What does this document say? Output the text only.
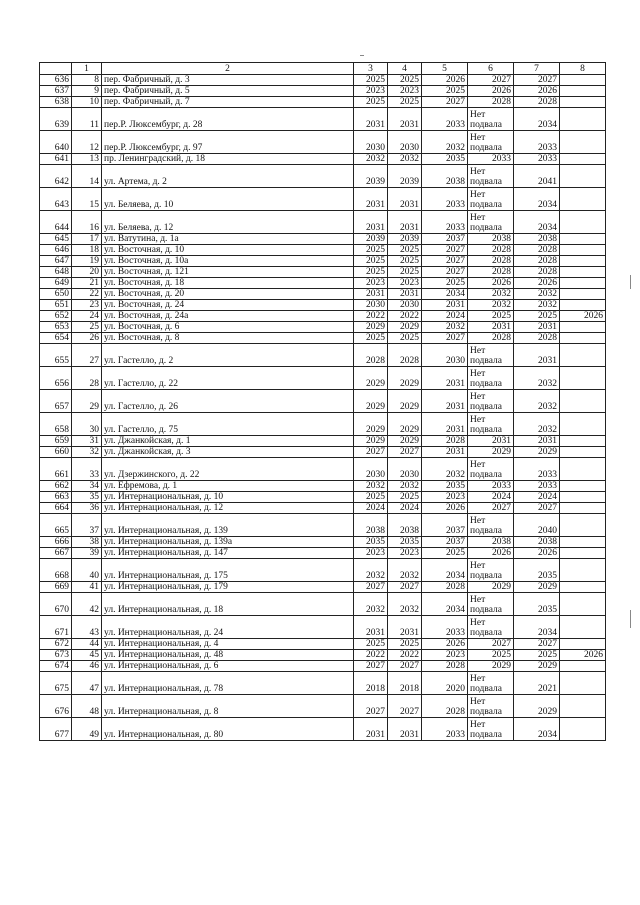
	1	2	3	4	5	6	7	8
636	8	пер. Фабричный, д. 3	2025	2025	2026	2027	2027	
637	9	пер. Фабричный, д. 5	2023	2023	2025	2026	2026	
638	10	пер. Фабричный, д. 7	2025	2025	2027	2028	2028	
639	11	пер.Р. Люксембург, д. 28	2031	2031	2033	Нет подвала	2034	
640	12	пер.Р. Люксембург, д. 97	2030	2030	2032	Нет подвала	2033	
641	13	пр. Ленинградский, д. 18	2032	2032	2035	2033	2033	
642	14	ул. Артема, д. 2	2039	2039	2038	Нет подвала	2041	
643	15	ул. Беляева, д. 10	2031	2031	2033	Нет подвала	2034	
644	16	ул. Беляева, д. 12	2031	2031	2033	Нет подвала	2034	
645	17	ул. Ватутина, д. 1а	2039	2039	2037	2038	2038	
646	18	ул. Восточная, д. 10	2025	2025	2027	2028	2028	
647	19	ул. Восточная, д. 10а	2025	2025	2027	2028	2028	
648	20	ул. Восточная, д. 121	2025	2025	2027	2028	2028	
649	21	ул. Восточная, д. 18	2023	2023	2025	2026	2026	
650	22	ул. Восточная, д. 20	2031	2031	2034	2032	2032	
651	23	ул. Восточная, д. 24	2030	2030	2031	2032	2032	
652	24	ул. Восточная, д. 24а	2022	2022	2024	2025	2025	2026
653	25	ул. Восточная, д. 6	2029	2029	2032	2031	2031	
654	26	ул. Восточная, д. 8	2025	2025	2027	2028	2028	
655	27	ул. Гастелло, д. 2	2028	2028	2030	Нет подвала	2031	
656	28	ул. Гастелло, д. 22	2029	2029	2031	Нет подвала	2032	
657	29	ул. Гастелло, д. 26	2029	2029	2031	Нет подвала	2032	
658	30	ул. Гастелло, д. 75	2029	2029	2031	Нет подвала	2032	
659	31	ул. Джанкойская, д. 1	2029	2029	2028	2031	2031	
660	32	ул. Джанкойская, д. 3	2027	2027	2031	2029	2029	
661	33	ул. Дзержинского, д. 22	2030	2030	2032	Нет подвала	2033	
662	34	ул. Ефремова, д. 1	2032	2032	2035	2033	2033	
663	35	ул. Интернациональная, д. 10	2025	2025	2023	2024	2024	
664	36	ул. Интернациональная, д. 12	2024	2024	2026	2027	2027	
665	37	ул. Интернациональная, д. 139	2038	2038	2037	Нет подвала	2040	
666	38	ул. Интернациональная, д. 139а	2035	2035	2037	2038	2038	
667	39	ул. Интернациональная, д. 147	2023	2023	2025	2026	2026	
668	40	ул. Интернациональная, д. 175	2032	2032	2034	Нет подвала	2035	
669	41	ул. Интернациональная, д. 179	2027	2027	2028	2029	2029	
670	42	ул. Интернациональная, д. 18	2032	2032	2034	Нет подвала	2035	
671	43	ул. Интернациональная, д. 24	2031	2031	2033	Нет подвала	2034	
672	44	ул. Интернациональная, д. 4	2025	2025	2026	2027	2027	
673	45	ул. Интернациональная, д. 48	2022	2022	2023	2025	2025	2026
674	46	ул. Интернациональная, д. 6	2027	2027	2028	2029	2029	
675	47	ул. Интернациональная, д. 78	2018	2018	2020	Нет подвала	2021	
676	48	ул. Интернациональная, д. 8	2027	2027	2028	Нет подвала	2029	
677	49	ул. Интернациональная, д. 80	2031	2031	2033	Нет подвала	2034	
